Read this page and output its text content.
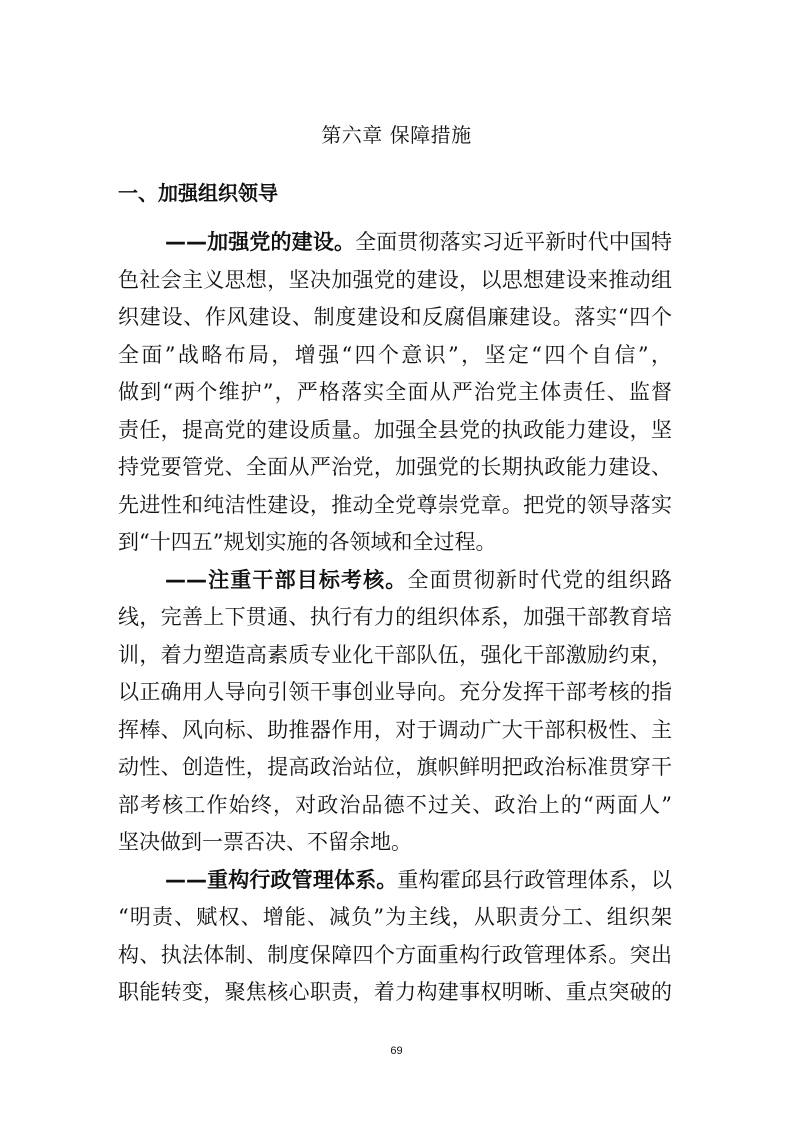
第六章 保障措施
一、加强组织领导
——加强党的建设。全面贯彻落实习近平新时代中国特
色社会主义思想，坚决加强党的建设，以思想建设来推动组
织建设、作风建设、制度建设和反腐倡廉建设。落实“四个
全面”战略布局，增强“四个意识”，坚定“四个自信”，
做到“两个维护”，严格落实全面从严治党主体责任、监督
责任，提高党的建设质量。加强全县党的执政能力建设，坚
持党要管党、全面从严治党，加强党的长期执政能力建设、
先进性和纯洁性建设，推动全党尊崇党章。把党的领导落实
到“十四五”规划实施的各领域和全过程。
——注重干部目标考核。全面贯彻新时代党的组织路
线，完善上下贯通、执行有力的组织体系，加强干部教育培
训，着力塑造高素质专业化干部队伍，强化干部激励约束，
以正确用人导向引领干事创业导向。充分发挥干部考核的指
挥棒、风向标、助推器作用，对于调动广大干部积极性、主
动性、创造性，提高政治站位，旗帜鲜明把政治标准贯穿干
部考核工作始终，对政治品德不过关、政治上的“两面人”
坚决做到一票否决、不留余地。
——重构行政管理体系。重构霍邱县行政管理体系，以
“明责、赋权、增能、减负”为主线，从职责分工、组织架
构、执法体制、制度保障四个方面重构行政管理体系。突出
职能转变，聚焦核心职责，着力构建事权明晰、重点突破的
69
